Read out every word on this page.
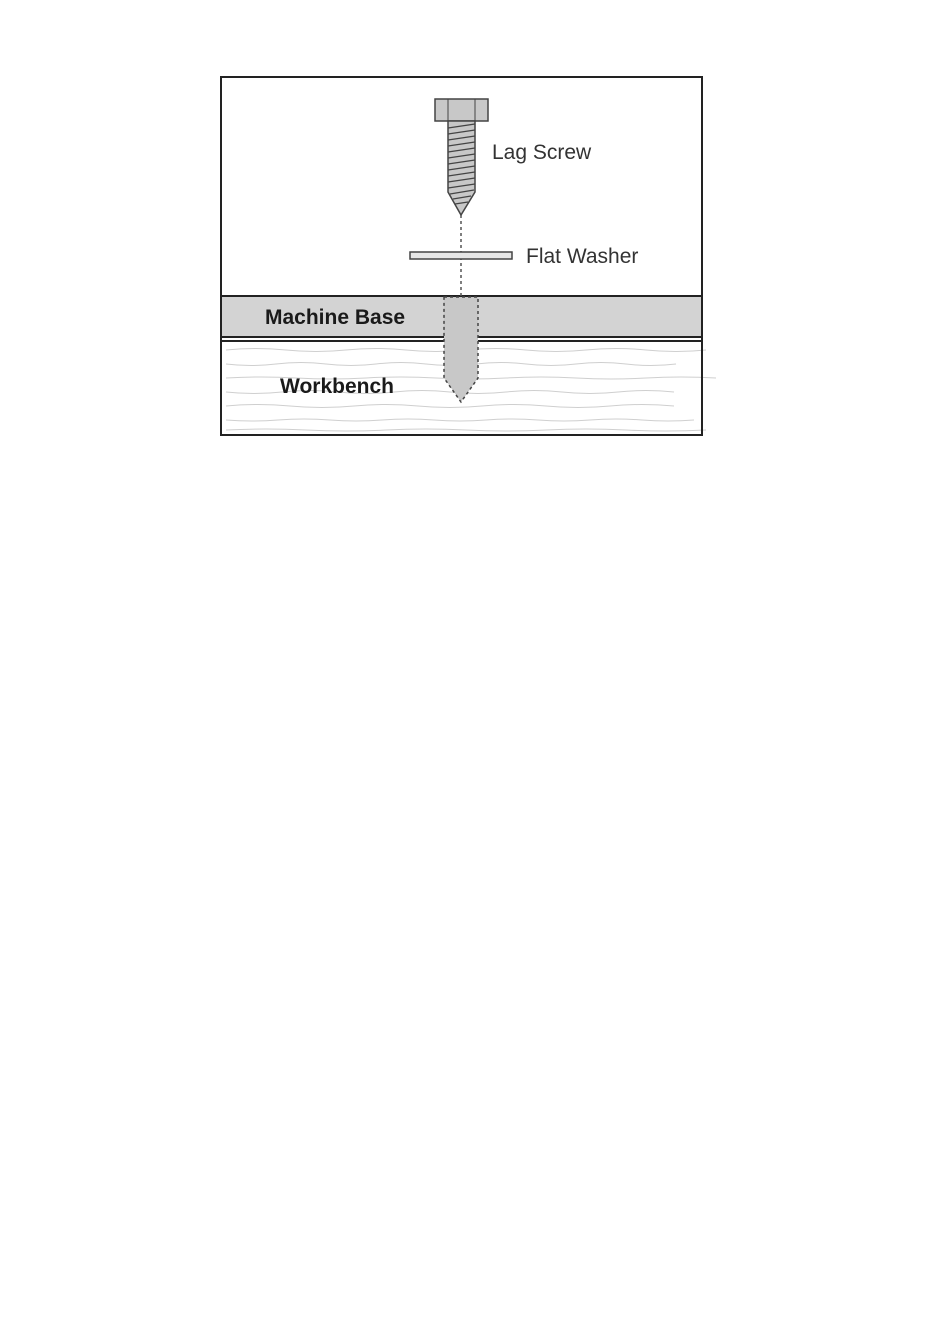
Lag Screw
Flat Washer
Machine Base
Workbench
